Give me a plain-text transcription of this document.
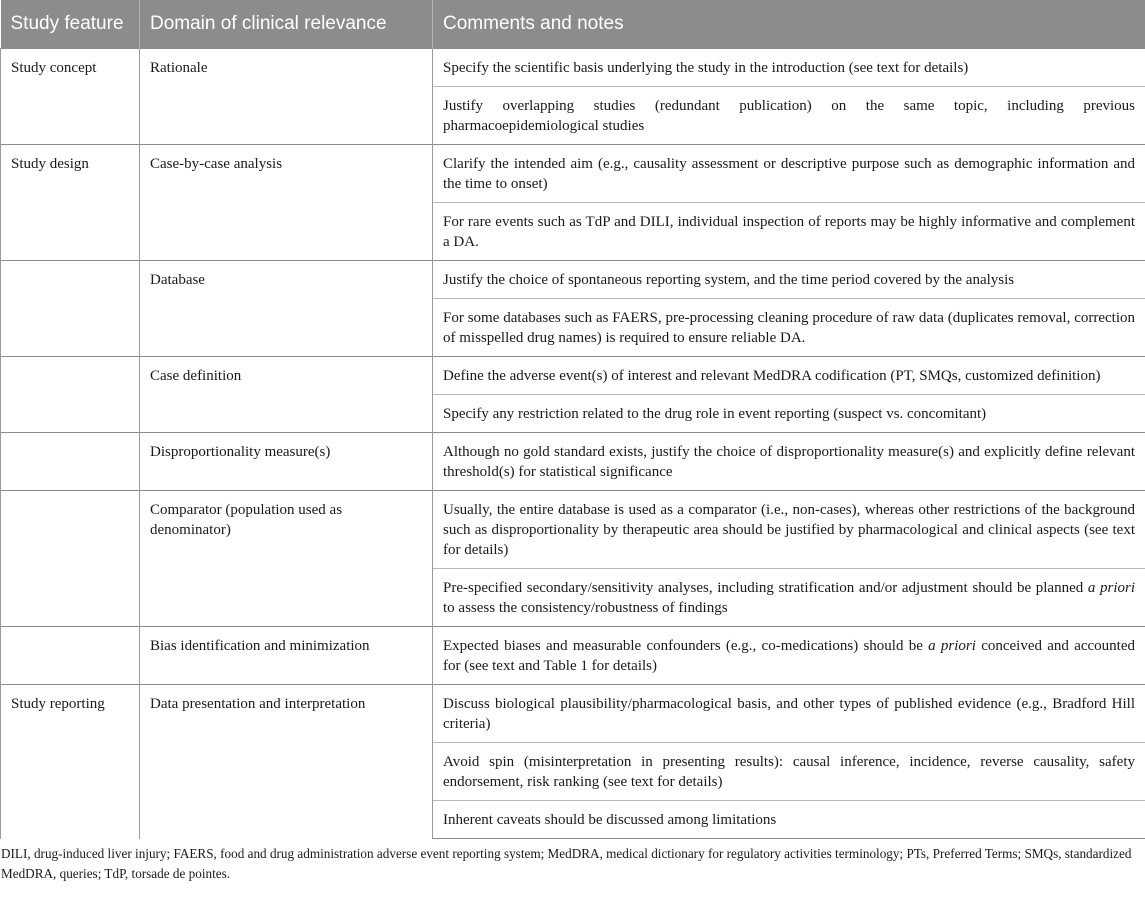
Study feature	Domain of clinical relevance	Comments and notes
Study concept	Rationale	Specify the scientific basis underlying the study in the introduction (see text for details)
		Justify overlapping studies (redundant publication) on the same topic, including previous pharmacoepidemiological studies
Study design	Case-by-case analysis	Clarify the intended aim (e.g., causality assessment or descriptive purpose such as demographic information and the time to onset)
		For rare events such as TdP and DILI, individual inspection of reports may be highly informative and complement a DA.
	Database	Justify the choice of spontaneous reporting system, and the time period covered by the analysis
		For some databases such as FAERS, pre-processing cleaning procedure of raw data (duplicates removal, correction of misspelled drug names) is required to ensure reliable DA.
	Case definition	Define the adverse event(s) of interest and relevant MedDRA codification (PT, SMQs, customized definition)
		Specify any restriction related to the drug role in event reporting (suspect vs. concomitant)
	Disproportionality measure(s)	Although no gold standard exists, justify the choice of disproportionality measure(s) and explicitly define relevant threshold(s) for statistical significance
	Comparator (population used as denominator)	Usually, the entire database is used as a comparator (i.e., non-cases), whereas other restrictions of the background such as disproportionality by therapeutic area should be justified by pharmacological and clinical aspects (see text for details)
		Pre-specified secondary/sensitivity analyses, including stratification and/or adjustment should be planned a priori to assess the consistency/robustness of findings
	Bias identification and minimization	Expected biases and measurable confounders (e.g., co-medications) should be a priori conceived and accounted for (see text and Table 1 for details)
Study reporting	Data presentation and interpretation	Discuss biological plausibility/pharmacological basis, and other types of published evidence (e.g., Bradford Hill criteria)
		Avoid spin (misinterpretation in presenting results): causal inference, incidence, reverse causality, safety endorsement, risk ranking (see text for details)
		Inherent caveats should be discussed among limitations
DILI, drug-induced liver injury; FAERS, food and drug administration adverse event reporting system; MedDRA, medical dictionary for regulatory activities terminology; PTs, Preferred Terms; SMQs, standardized MedDRA, queries; TdP, torsade de pointes.
